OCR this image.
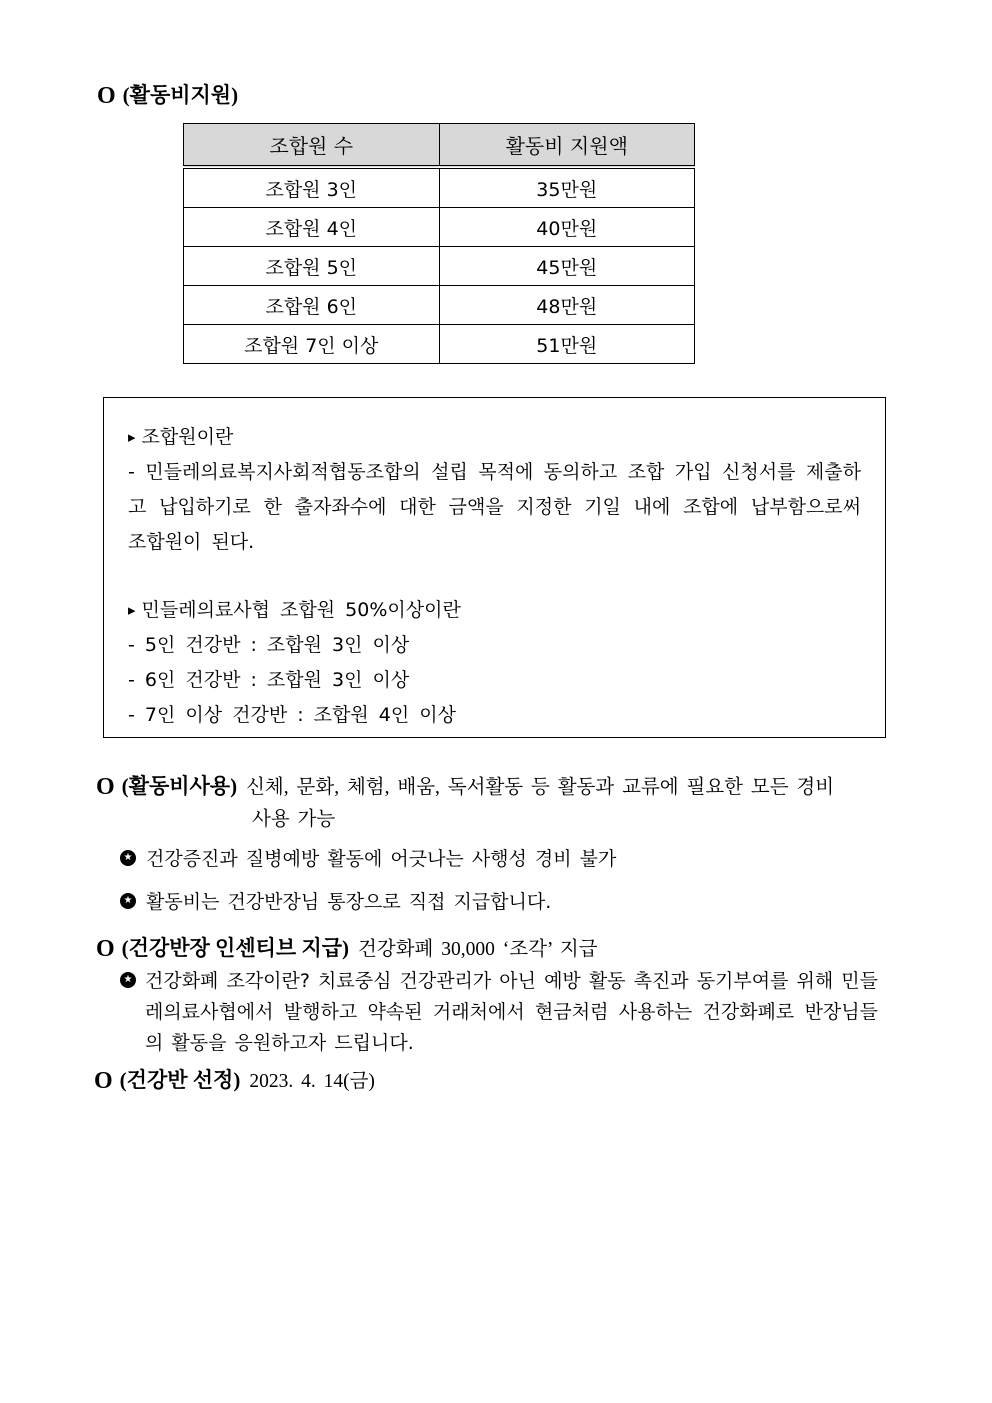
O (활동비지원)
조합원 수	활동비 지원액
조합원 3인	35만원
조합원 4인	40만원
조합원 5인	45만원
조합원 6인	48만원
조합원 7인 이상	51만원

▸ 조합원이란

- 민들레의료복지사회적협동조합의 설립 목적에 동의하고 조합 가입 신청서를 제출하고 납입하기로 한 출자좌수에 대한 금액을 지정한 기일 내에 조합에 납부함으로써 조합원이 된다.

▸ 민들레의료사협 조합원 50%이상이란

- 5인 건강반 : 조합원 3인 이상

- 6인 건강반 : 조합원 3인 이상

- 7인 이상 건강반 : 조합원 4인 이상

O (활동비사용) 신체, 문화, 체험, 배움, 독서활동 등 활동과 교류에 필요한 모든 경비
사용 가능
★ 건강증진과 질병예방 활동에 어긋나는 사행성 경비 불가
★ 활동비는 건강반장님 통장으로 직접 지급합니다.
O (건강반장 인센티브 지급) 건강화폐 30,000 ‘조각’ 지급
★ 건강화폐 조각이란? 치료중심 건강관리가 아닌 예방 활동 촉진과 동기부여를 위해 민들레의료사협에서 발행하고 약속된 거래처에서 현금처럼 사용하는 건강화폐로 반장님들의 활동을 응원하고자 드립니다.
O (건강반 선정) 2023. 4. 14(금)
